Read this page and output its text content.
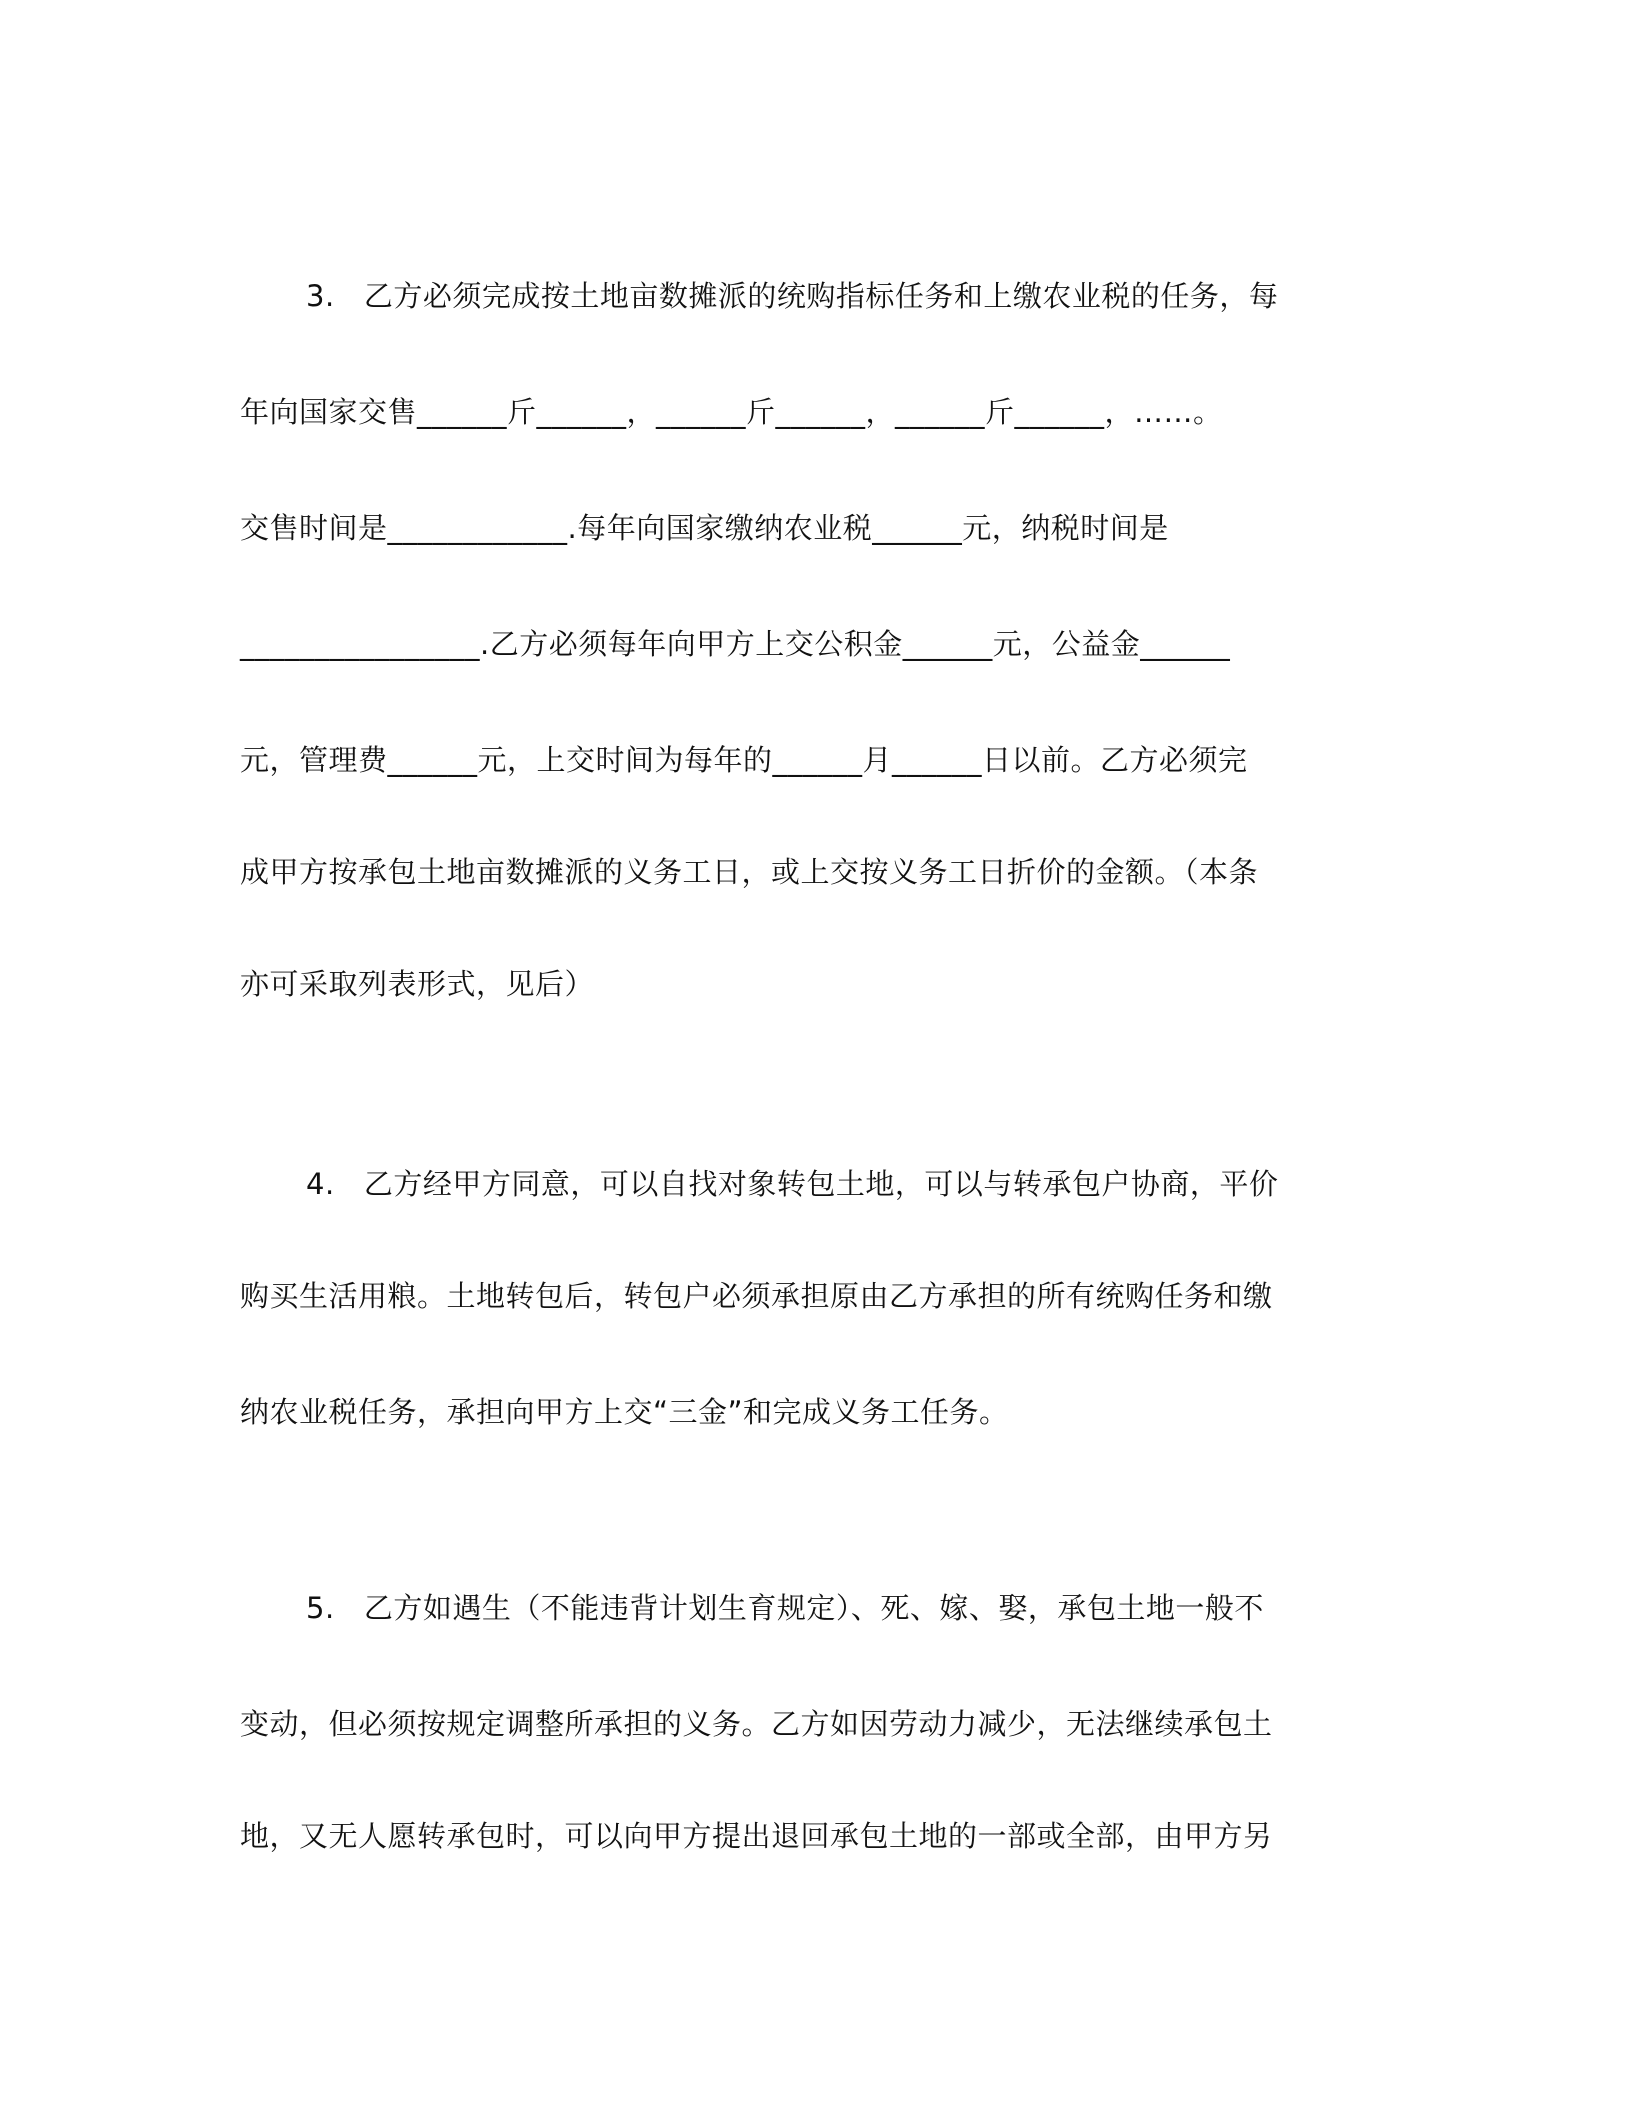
3.   乙方必须完成按土地亩数摊派的统购指标任务和上缴农业税的任务，每
年向国家交售______斤______，______斤______，______斤______，……。
交售时间是____________.每年向国家缴纳农业税______元，纳税时间是
________________.乙方必须每年向甲方上交公积金______元，公益金______
元，管理费______元，上交时间为每年的______月______日以前。乙方必须完
成甲方按承包土地亩数摊派的义务工日，或上交按义务工日折价的金额。（本条
亦可采取列表形式，见后）
4.   乙方经甲方同意，可以自找对象转包土地，可以与转承包户协商，平价
购买生活用粮。土地转包后，转包户必须承担原由乙方承担的所有统购任务和缴
纳农业税任务，承担向甲方上交“三金”和完成义务工任务。
5.   乙方如遇生（不能违背计划生育规定）、死、嫁、娶，承包土地一般不
变动，但必须按规定调整所承担的义务。乙方如因劳动力减少，无法继续承包土
地，又无人愿转承包时，可以向甲方提出退回承包土地的一部或全部，由甲方另
